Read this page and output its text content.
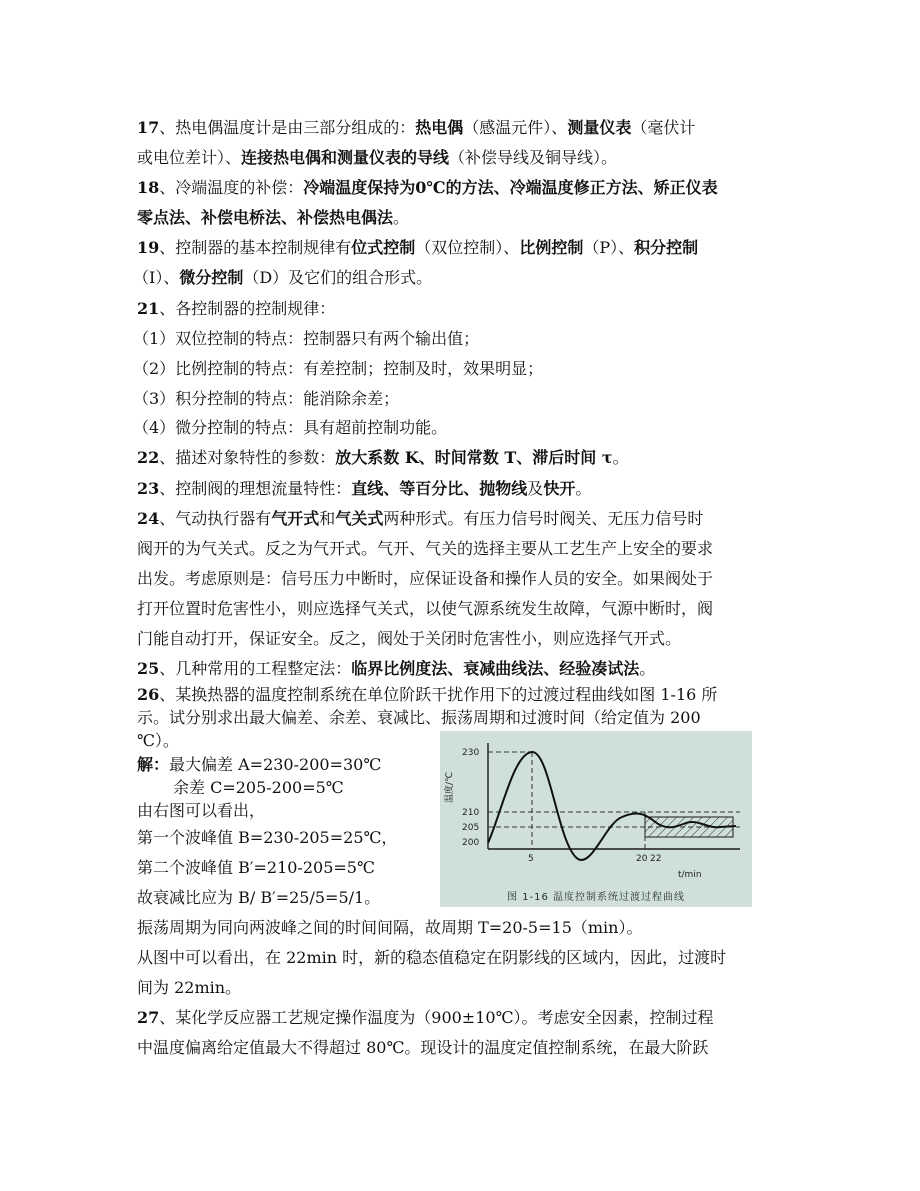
17、热电偶温度计是由三部分组成的：热电偶（感温元件）、测量仪表（毫伏计

或电位差计）、连接热电偶和测量仪表的导线（补偿导线及铜导线）。

18、冷端温度的补偿：冷端温度保持为0℃的方法、冷端温度修正方法、矫正仪表

零点法、补偿电桥法、补偿热电偶法。

19、控制器的基本控制规律有位式控制（双位控制）、比例控制（P）、积分控制

（I）、微分控制（D）及它们的组合形式。

21、各控制器的控制规律：

（1）双位控制的特点：控制器只有两个输出值；

（2）比例控制的特点：有差控制；控制及时，效果明显；

（3）积分控制的特点：能消除余差；

（4）微分控制的特点：具有超前控制功能。

22、描述对象特性的参数：放大系数 K、时间常数 T、滞后时间 τ。

23、控制阀的理想流量特性：直线、等百分比、抛物线及快开。

24、气动执行器有气开式和气关式两种形式。有压力信号时阀关、无压力信号时

阀开的为气关式。反之为气开式。气开、气关的选择主要从工艺生产上安全的要求

出发。考虑原则是：信号压力中断时，应保证设备和操作人员的安全。如果阀处于

打开位置时危害性小，则应选择气关式，以使气源系统发生故障，气源中断时，阀

门能自动打开，保证安全。反之，阀处于关闭时危害性小，则应选择气开式。

25、几种常用的工程整定法：临界比例度法、衰减曲线法、经验凑试法。

26、某换热器的温度控制系统在单位阶跃干扰作用下的过渡过程曲线如图 1-16 所

示。试分别求出最大偏差、余差、衰减比、振荡周期和过渡时间（给定值为 200

℃）。

解：最大偏差 A=230-200=30℃

余差 C=205-200=5℃

由右图可以看出，

第一个波峰值 B=230-205=25℃，

第二个波峰值 B′=210-205=5℃

故衰减比应为 B/ B′=25/5=5/1。

振荡周期为同向两波峰之间的时间间隔，故周期 T=20-5=15（min）。

从图中可以看出，在 22min 时，新的稳态值稳定在阴影线的区域内，因此，过渡时

间为 22min。

27、某化学反应器工艺规定操作温度为（900±10℃）。考虑安全因素，控制过程

中温度偏离给定值最大不得超过 80℃。现设计的温度定值控制系统，在最大阶跃

230
210
205
200
温度/℃
5	20 22
t/min
图 1-16 温度控制系统过渡过程曲线
